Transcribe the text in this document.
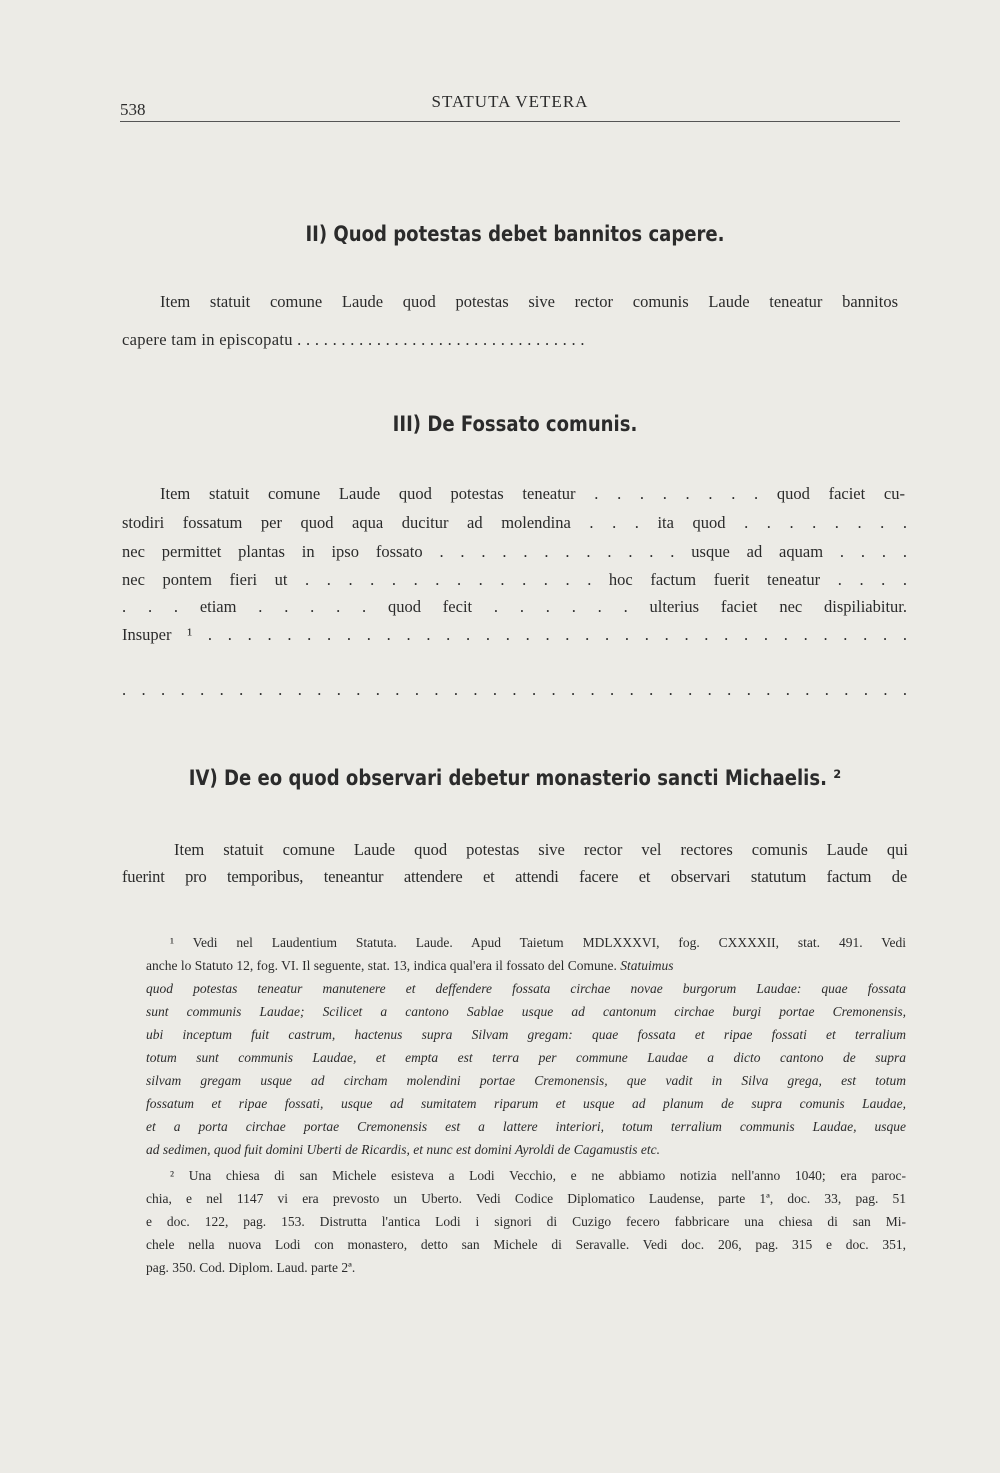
538	STATUTA VETERA
II) Quod potestas debet bannitos capere.
Item statuit comune Laude quod potestas sive rector comunis Laude teneatur bannitos
capere tam in episcopatu . . . . . . . . . . . . . . . . . . . . . . . . . . . . . . . . .
III) De Fossato comunis.
Item statuit comune Laude quod potestas teneatur . . . . . . . . quod faciet cu-
stodiri fossatum per quod aqua ducitur ad molendina . . . ita quod . . . . . . . .
nec permittet plantas in ipso fossato . . . . . . . . . . . . usque ad aquam . . . .
nec pontem fieri ut . . . . . . . . . . . . . . hoc factum fuerit teneatur . . . .
. . . etiam . . . . . quod fecit . . . . . . ulterius faciet nec dispiliabitur.
Insuper ¹ . . . . . . . . . . . . . . . . . . . . . . . . . . . . . . . . . . . .
. . . . . . . . . . . . . . . . . . . . . . . . . . . . . . . . . . . . . . . . .
IV) De eo quod observari debetur monasterio sancti Michaelis. ²
Item statuit comune Laude quod potestas sive rector vel rectores comunis Laude qui
fuerint pro temporibus, teneantur attendere et attendi facere et observari statutum factum de
¹ Vedi nel Laudentium Statuta. Laude. Apud Taietum MDLXXXVI, fog. CXXXXII, stat. 491. Vedi
anche lo Statuto 12, fog. VI. Il seguente, stat. 13, indica qual'era il fossato del Comune. Statuimus
quod potestas teneatur manutenere et deffendere fossata circhae novae burgorum Laudae: quae fossata
sunt communis Laudae; Scilicet a cantono Sablae usque ad cantonum circhae burgi portae Cremonensis,
ubi inceptum fuit castrum, hactenus supra Silvam gregam: quae fossata et ripae fossati et terralium
totum sunt communis Laudae, et empta est terra per commune Laudae a dicto cantono de supra
silvam gregam usque ad circham molendini portae Cremonensis, que vadit in Silva grega, est totum
fossatum et ripae fossati, usque ad sumitatem riparum et usque ad planum de supra comunis Laudae,
et a porta circhae portae Cremonensis est a lattere interiori, totum terralium communis Laudae, usque
ad sedimen, quod fuit domini Uberti de Ricardis, et nunc est domini Ayroldi de Cagamustis etc.
² Una chiesa di san Michele esisteva a Lodi Vecchio, e ne abbiamo notizia nell'anno 1040; era paroc-
chia, e nel 1147 vi era prevosto un Uberto. Vedi Codice Diplomatico Laudense, parte 1ª, doc. 33, pag. 51
e doc. 122, pag. 153. Distrutta l'antica Lodi i signori di Cuzigo fecero fabbricare una chiesa di san Mi-
chele nella nuova Lodi con monastero, detto san Michele di Seravalle. Vedi doc. 206, pag. 315 e doc. 351,
pag. 350. Cod. Diplom. Laud. parte 2ª.
